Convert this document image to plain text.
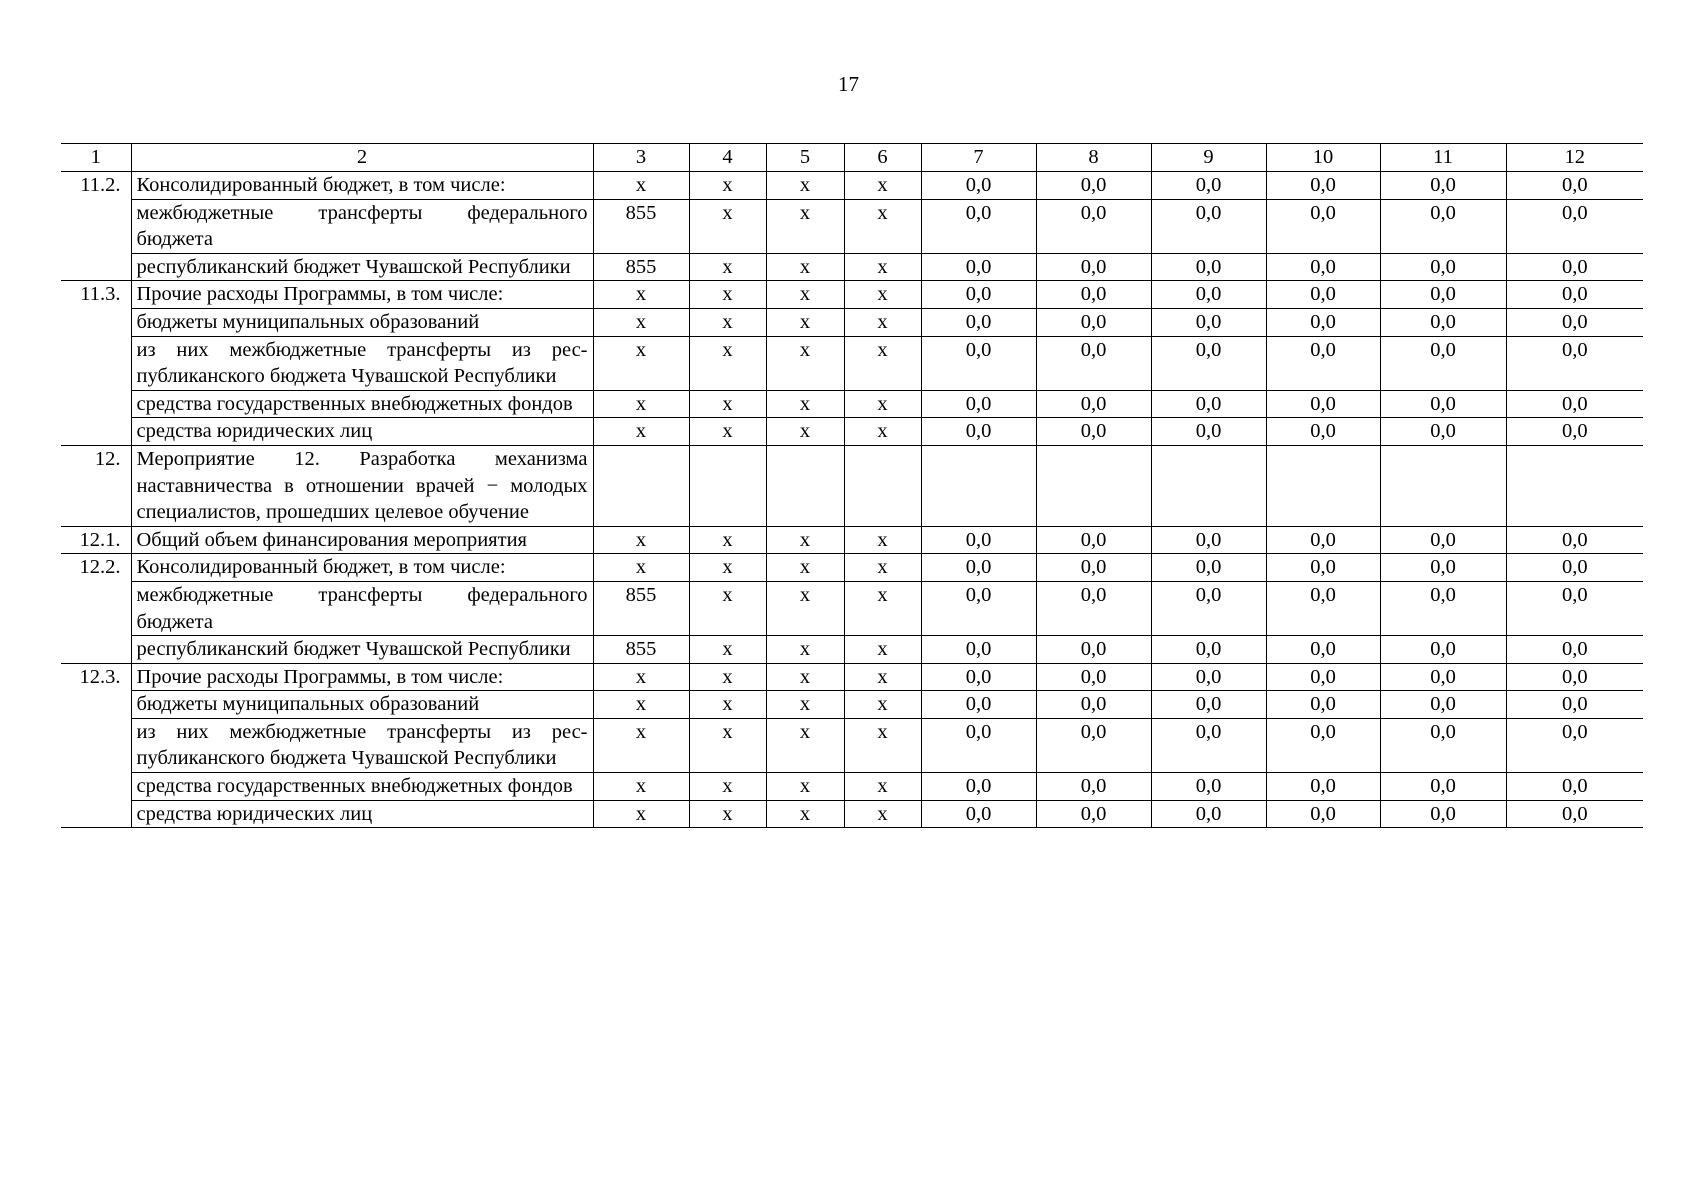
17
1	2	3	4	5	6	7	8	9	10	11	12
11.2.	Консолидированный бюджет, в том числе:	х	х	х	х	0,0	0,0	0,0	0,0	0,0	0,0
	межбюджетные трансферты федерального бюджета	855	х	х	х	0,0	0,0	0,0	0,0	0,0	0,0
	республиканский бюджет Чувашской Республики	855	х	х	х	0,0	0,0	0,0	0,0	0,0	0,0
11.3.	Прочие расходы Программы, в том числе:	х	х	х	х	0,0	0,0	0,0	0,0	0,0	0,0
	бюджеты муниципальных образований	х	х	х	х	0,0	0,0	0,0	0,0	0,0	0,0
	из них межбюджетные трансферты из республиканского бюджета Чувашской Республики	х	х	х	х	0,0	0,0	0,0	0,0	0,0	0,0
	средства государственных внебюджетных фондов	х	х	х	х	0,0	0,0	0,0	0,0	0,0	0,0
	средства юридических лиц	х	х	х	х	0,0	0,0	0,0	0,0	0,0	0,0
12.	Мероприятие 12. Разработка механизма наставничества в отношении врачей − молодых специалистов, прошедших целевое обучение										
12.1.	Общий объем финансирования мероприятия	х	х	х	х	0,0	0,0	0,0	0,0	0,0	0,0
12.2.	Консолидированный бюджет, в том числе:	х	х	х	х	0,0	0,0	0,0	0,0	0,0	0,0
	межбюджетные трансферты федерального бюджета	855	х	х	х	0,0	0,0	0,0	0,0	0,0	0,0
	республиканский бюджет Чувашской Республики	855	х	х	х	0,0	0,0	0,0	0,0	0,0	0,0
12.3.	Прочие расходы Программы, в том числе:	х	х	х	х	0,0	0,0	0,0	0,0	0,0	0,0
	бюджеты муниципальных образований	х	х	х	х	0,0	0,0	0,0	0,0	0,0	0,0
	из них межбюджетные трансферты из республиканского бюджета Чувашской Республики	х	х	х	х	0,0	0,0	0,0	0,0	0,0	0,0
	средства государственных внебюджетных фондов	х	х	х	х	0,0	0,0	0,0	0,0	0,0	0,0
	средства юридических лиц	х	х	х	х	0,0	0,0	0,0	0,0	0,0	0,0
